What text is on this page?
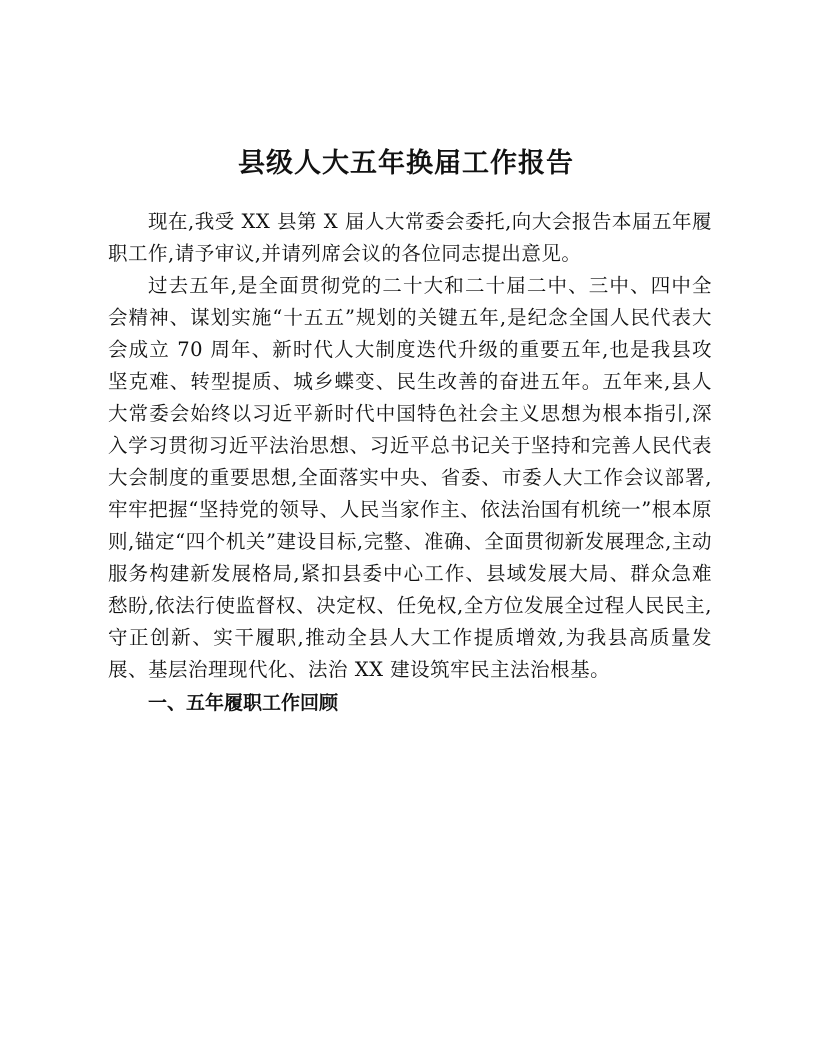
县级人大五年换届工作报告

现在,我受 XX 县第 X 届人大常委会委托,向大会报告本届五年履职工作,请予审议,并请列席会议的各位同志提出意见。

过去五年,是全面贯彻党的二十大和二十届二中、三中、四中全会精神、谋划实施“十五五”规划的关键五年,是纪念全国人民代表大会成立 70 周年、新时代人大制度迭代升级的重要五年,也是我县攻坚克难、转型提质、城乡蝶变、民生改善的奋进五年。五年来,县人大常委会始终以习近平新时代中国特色社会主义思想为根本指引,深入学习贯彻习近平法治思想、习近平总书记关于坚持和完善人民代表大会制度的重要思想,全面落实中央、省委、市委人大工作会议部署,牢牢把握“坚持党的领导、人民当家作主、依法治国有机统一”根本原则,锚定“四个机关”建设目标,完整、准确、全面贯彻新发展理念,主动服务构建新发展格局,紧扣县委中心工作、县域发展大局、群众急难愁盼,依法行使监督权、决定权、任免权,全方位发展全过程人民民主,守正创新、实干履职,推动全县人大工作提质增效,为我县高质量发展、基层治理现代化、法治 XX 建设筑牢民主法治根基。

一、五年履职工作回顾
